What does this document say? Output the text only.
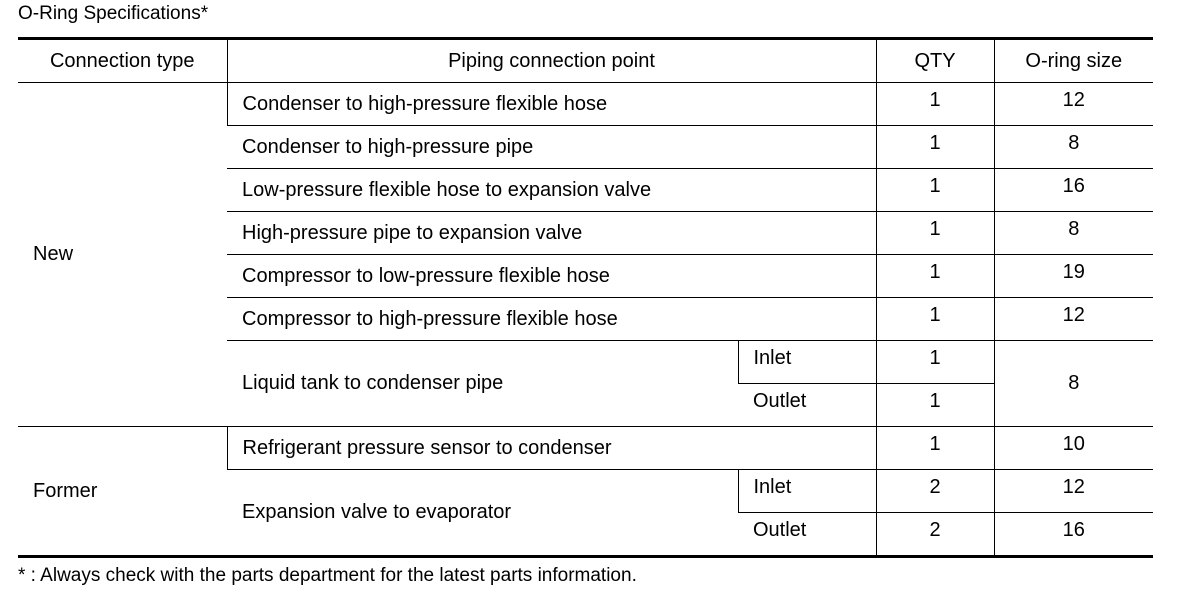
O-Ring Specifications*
Connection type	Piping connection point		QTY	O-ring size
New	Condenser to high-pressure flexible hose		1	12
	Condenser to high-pressure pipe		1	8
	Low-pressure flexible hose to expansion valve		1	16
	High-pressure pipe to expansion valve		1	8
	Compressor to low-pressure flexible hose		1	19
	Compressor to high-pressure flexible hose		1	12
	Liquid tank to condenser pipe	Inlet	1	8
		Outlet	1	
Former	Refrigerant pressure sensor to condenser		1	10
	Expansion valve to evaporator	Inlet	2	12
		Outlet	2	16
* : Always check with the parts department for the latest parts information.
